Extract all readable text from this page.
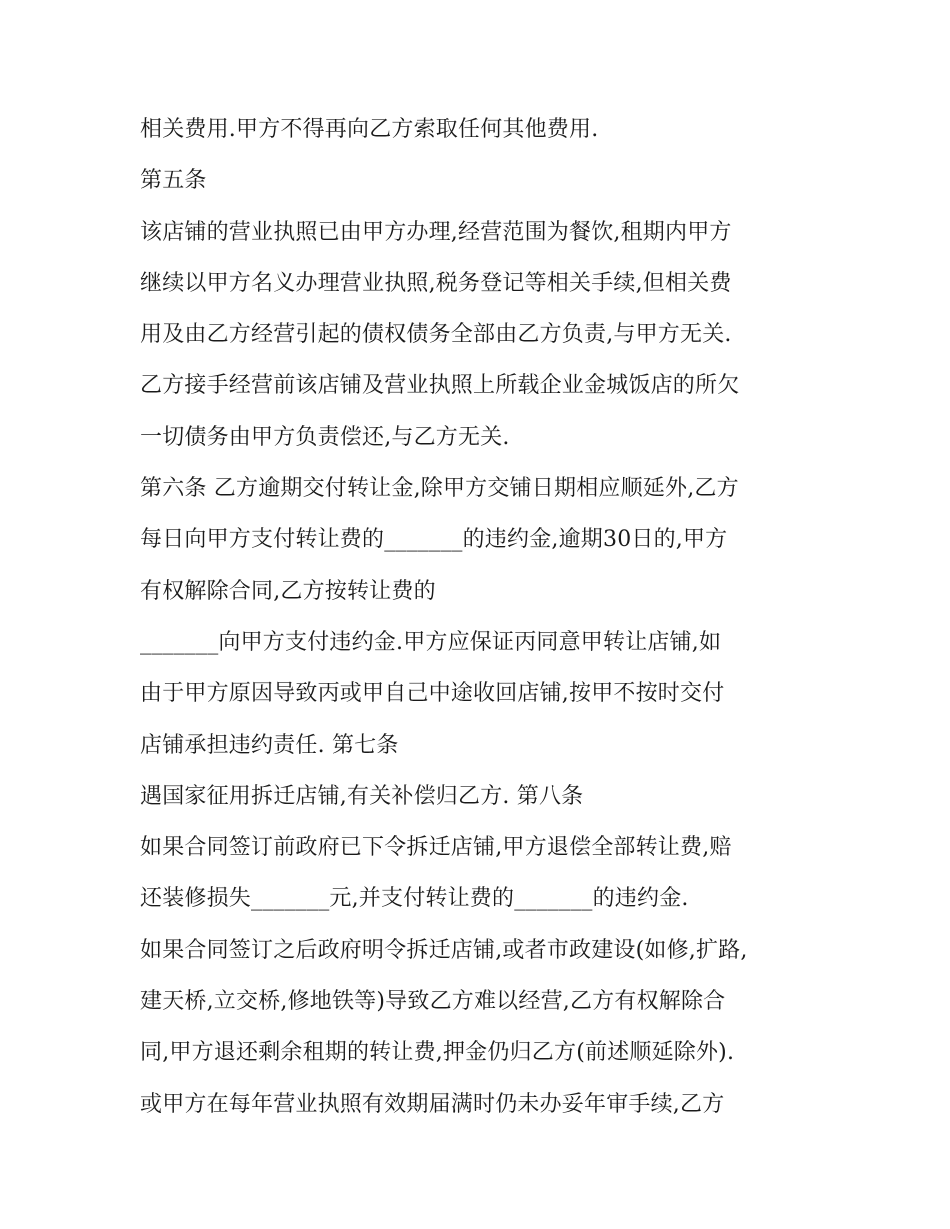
相关费用.甲方不得再向乙方索取任何其他费用.
第五条
该店铺的营业执照已由甲方办理,经营范围为餐饮,租期内甲方
继续以甲方名义办理营业执照,税务登记等相关手续,但相关费
用及由乙方经营引起的债权债务全部由乙方负责,与甲方无关.
乙方接手经营前该店铺及营业执照上所载企业金城饭店的所欠
一切债务由甲方负责偿还,与乙方无关.
第六条 乙方逾期交付转让金,除甲方交铺日期相应顺延外,乙方
每日向甲方支付转让费的_______的违约金,逾期30日的,甲方
有权解除合同,乙方按转让费的
_______向甲方支付违约金.甲方应保证丙同意甲转让店铺,如
由于甲方原因导致丙或甲自己中途收回店铺,按甲不按时交付
店铺承担违约责任. 第七条
遇国家征用拆迁店铺,有关补偿归乙方. 第八条
如果合同签订前政府已下令拆迁店铺,甲方退偿全部转让费,赔
还装修损失_______元,并支付转让费的_______的违约金.
如果合同签订之后政府明令拆迁店铺,或者市政建设(如修,扩路,
建天桥,立交桥,修地铁等)导致乙方难以经营,乙方有权解除合
同,甲方退还剩余租期的转让费,押金仍归乙方(前述顺延除外).
或甲方在每年营业执照有效期届满时仍未办妥年审手续,乙方
